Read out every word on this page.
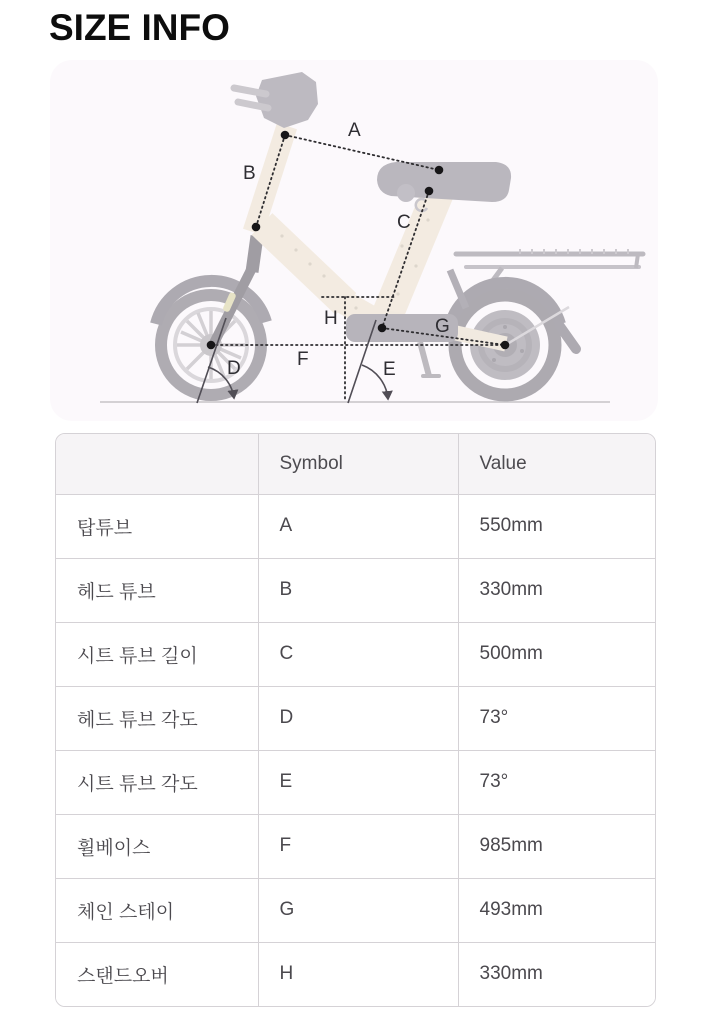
SIZE INFO
A
B
C
D	E
F
G
H
	Symbol	Value
탑튜브	A	550mm
헤드 튜브	B	330mm
시트 튜브 길이	C	500mm
헤드 튜브 각도	D	73°
시트 튜브 각도	E	73°
휠베이스	F	985mm
체인 스테이	G	493mm
스탠드오버	H	330mm
